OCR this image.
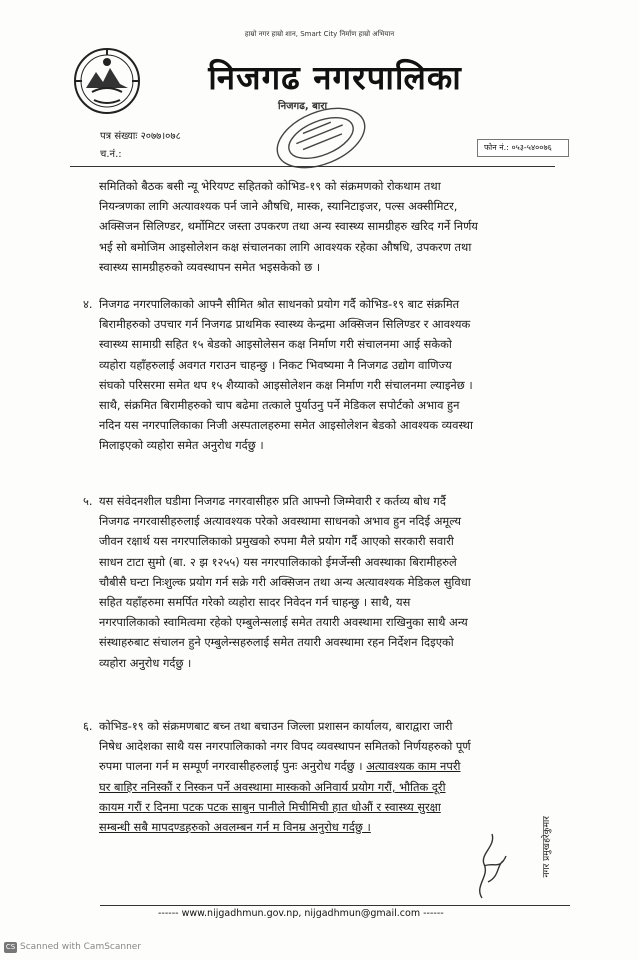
हाम्रो नगर हाम्रो शान, Smart City निर्माण हाम्रो अभियान
निजगढ नगरपालिका
निजगढ, बारा
पत्र संख्याः २०७७।०७८
च.नं.:
फोन नं.: ०५३-५४००७६
समितिको बैठक बसी न्यू भेरियण्ट सहितको कोभिड-१९ को संक्रमणको रोकथाम तथा
नियन्त्रणका लागि अत्यावश्यक पर्न जाने औषधि, मास्क, स्यानिटाइजर, पल्स अक्सीमिटर,
अक्सिजन सिलिण्डर, थर्मोमिटर जस्ता उपकरण तथा अन्य स्वास्थ्य सामग्रीहरु खरिद गर्ने निर्णय
भई सो बमोजिम आइसोलेशन कक्ष संचालनका लागि आवश्यक रहेका औषधि, उपकरण तथा
स्वास्थ्य सामग्रीहरुको व्यवस्थापन समेत भइसकेको छ ।
४. निजगढ नगरपालिकाको आफ्नै सीमित श्रोत साधनको प्रयोग गर्दै कोभिड-१९ बाट संक्रमित
बिरामीहरुको उपचार गर्न निजगढ प्राथमिक स्वास्थ्य केन्द्रमा अक्सिजन सिलिण्डर र आवश्यक
स्वास्थ्य सामाग्री सहित १५ बेडको आइसोलेसन कक्ष निर्माण गरी संचालनमा आई सकेको
व्यहोरा यहाँहरुलाई अवगत गराउन चाहन्छु । निकट भिवष्यमा नै निजगढ उद्योग वाणिज्य
संघको परिसरमा समेत थप १५ शैय्याको आइसोलेशन कक्ष निर्माण गरी संचालनमा ल्याइनेछ ।
साथै, संक्रमित बिरामीहरुको चाप बढेमा तत्काले पुर्याउनु पर्ने मेडिकल सपोर्टको अभाव हुन
नदिन यस नगरपालिकाका निजी अस्पतालहरुमा समेत आइसोलेशन बेडको आवश्यक व्यवस्था
मिलाइएको व्यहोरा समेत अनुरोध गर्दछु ।
५. यस संवेदनशील घडीमा निजगढ नगरवासीहरु प्रति आफ्नो जिम्मेवारी र कर्तव्य बोध गर्दै
निजगढ नगरवासीहरुलाई अत्यावश्यक परेको अवस्थामा साधनको अभाव हुन नदिई अमूल्य
जीवन रक्षार्थ यस नगरपालिकाको प्रमुखको रुपमा मैले प्रयोग गर्दै आएको सरकारी सवारी
साधन टाटा सुमो (बा. २ झ १२५५) यस नगरपालिकाको ईमर्जेन्सी अवस्थाका बिरामीहरुले
चौबीसै घन्टा निःशुल्क प्रयोग गर्न सक्रे गरी अक्सिजन तथा अन्य अत्यावश्यक मेडिकल सुविधा
सहित यहाँहरुमा समर्पित गरेको व्यहोरा सादर निवेदन गर्न चाहन्छु । साथै, यस
नगरपालिकाको स्वामित्वमा रहेको एम्बुलेन्सलाई समेत तयारी अवस्थामा राखिनुका साथै अन्य
संस्थाहरुबाट संचालन हुने एम्बुलेन्सहरुलाई समेत तयारी अवस्थामा रहन निर्देशन दिइएको
व्यहोरा अनुरोध गर्दछु ।
६. कोभिड-१९ को संक्रमणबाट बच्न तथा बचाउन जिल्ला प्रशासन कार्यालय, बाराद्वारा जारी
निषेध आदेशका साथै यस नगरपालिकाको नगर विपद व्यवस्थापन समितको निर्णयहरुको पूर्ण
रुपमा पालना गर्न म सम्पूर्ण नगरवासीहरुलाई पुनः अनुरोध गर्दछु । अत्यावश्यक काम नपरी
घर बाहिर ननिस्कौं र निस्कन पर्ने अवस्थामा मास्कको अनिवार्य प्रयोग गरौं, भौतिक दूरी
कायम गरौं र दिनमा पटक पटक साबुन पानीले मिचीमिची हात धोऔं र स्वास्थ्य सुरक्षा
सम्बन्धी सबै मापदण्डहरुको अवलम्बन गर्न म विनम्र अनुरोध गर्दछु ।	हरेकुमार
नगर प्रमुख
------ www.nijgadhmun.gov.np, nijgadhmun@gmail.com ------
CS Scanned with CamScanner
